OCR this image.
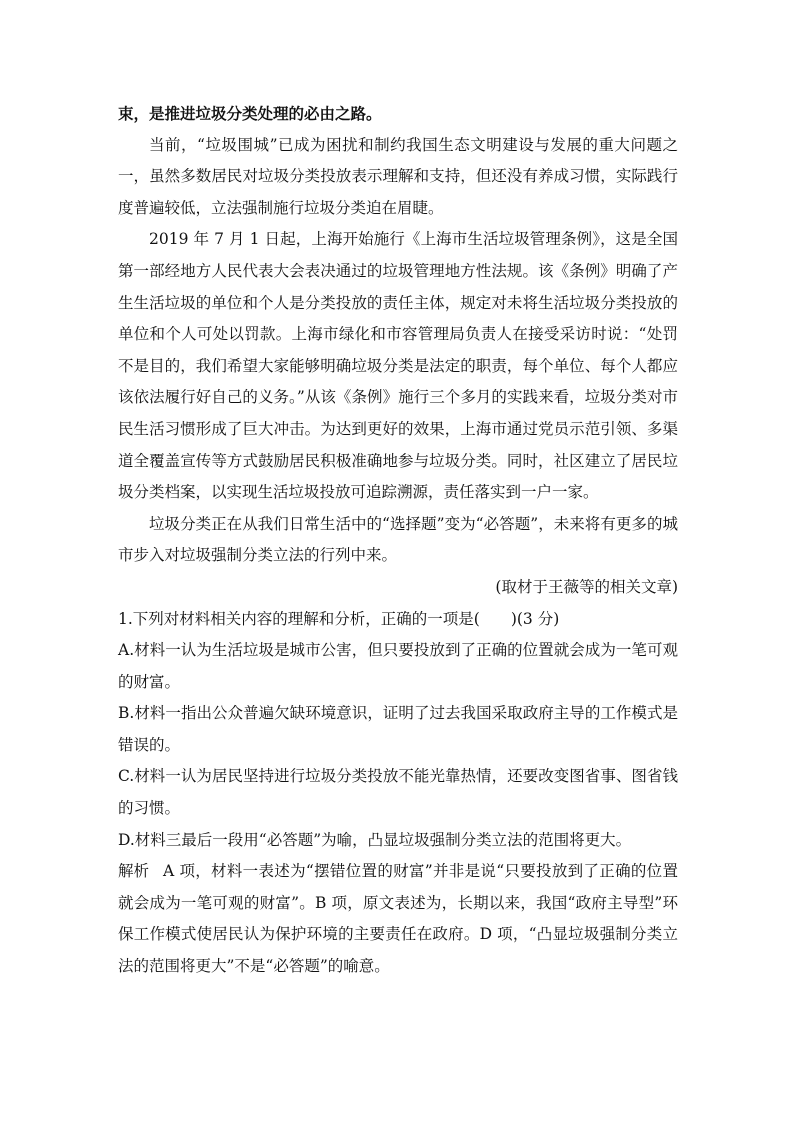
束，是推进垃圾分类处理的必由之路。

当前，“垃圾围城”已成为困扰和制约我国生态文明建设与发展的重大问题之一，虽然多数居民对垃圾分类投放表示理解和支持，但还没有养成习惯，实际践行度普遍较低，立法强制施行垃圾分类迫在眉睫。

2019 年 7 月 1 日起，上海开始施行《上海市生活垃圾管理条例》，这是全国第一部经地方人民代表大会表决通过的垃圾管理地方性法规。该《条例》明确了产生生活垃圾的单位和个人是分类投放的责任主体，规定对未将生活垃圾分类投放的单位和个人可处以罚款。上海市绿化和市容管理局负责人在接受采访时说：“处罚不是目的，我们希望大家能够明确垃圾分类是法定的职责，每个单位、每个人都应该依法履行好自己的义务。”从该《条例》施行三个多月的实践来看，垃圾分类对市民生活习惯形成了巨大冲击。为达到更好的效果，上海市通过党员示范引领、多渠道全覆盖宣传等方式鼓励居民积极准确地参与垃圾分类。同时，社区建立了居民垃圾分类档案，以实现生活垃圾投放可追踪溯源，责任落实到一户一家。

垃圾分类正在从我们日常生活中的“选择题”变为“必答题”，未来将有更多的城市步入对垃圾强制分类立法的行列中来。

(取材于王薇等的相关文章)

1.下列对材料相关内容的理解和分析，正确的一项是(　　)(3 分)

A.材料一认为生活垃圾是城市公害，但只要投放到了正确的位置就会成为一笔可观的财富。

B.材料一指出公众普遍欠缺环境意识，证明了过去我国采取政府主导的工作模式是错误的。

C.材料一认为居民坚持进行垃圾分类投放不能光靠热情，还要改变图省事、图省钱的习惯。

D.材料三最后一段用“必答题”为喻，凸显垃圾强制分类立法的范围将更大。

解析 A 项，材料一表述为“摆错位置的财富”并非是说“只要投放到了正确的位置就会成为一笔可观的财富”。B 项，原文表述为，长期以来，我国“政府主导型”环保工作模式使居民认为保护环境的主要责任在政府。D 项，“凸显垃圾强制分类立法的范围将更大”不是“必答题”的喻意。
